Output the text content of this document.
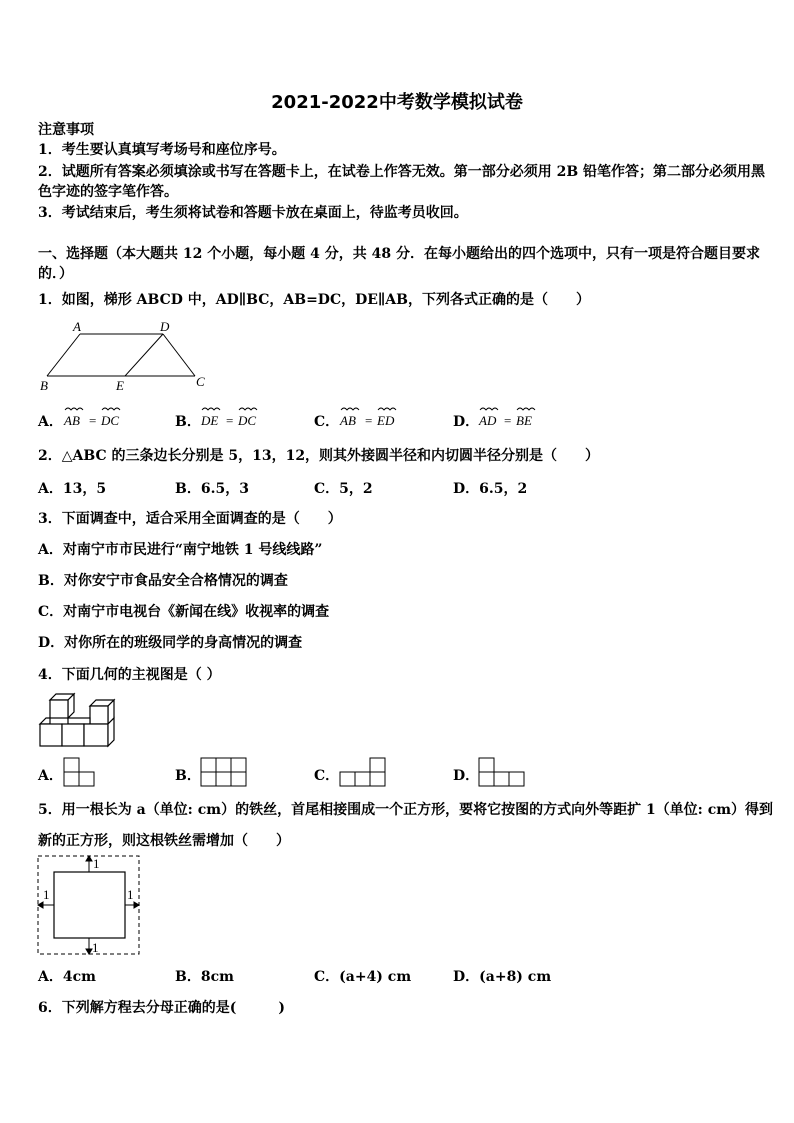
2021-2022中考数学模拟试卷
注意事项
1．考生要认真填写考场号和座位序号。
2．试题所有答案必须填涂或书写在答题卡上，在试卷上作答无效。第一部分必须用 2B 铅笔作答；第二部分必须用黑
色字迹的签字笔作答。
3．考试结束后，考生须将试卷和答题卡放在桌面上，待监考员收回。
一、选择题（本大题共 12 个小题，每小题 4 分，共 48 分．在每小题给出的四个选项中，只有一项是符合题目要求
的．）
1．如图，梯形 ABCD 中，AD∥BC，AB=DC，DE∥AB，下列各式正确的是（　　）
A	D
B	E	C
A． AB = DC	B． DE = DC	C． AB = ED	D． AD = BE
2．△ABC 的三条边长分别是 5，13，12，则其外接圆半径和内切圆半径分别是（　　）
A．13，5	B．6.5，3	C．5，2	D．6.5，2
3．下面调查中，适合采用全面调查的是（　　）
A．对南宁市市民进行“南宁地铁 1 号线线路”
B．对你安宁市食品安全合格情况的调查
C．对南宁市电视台《新闻在线》收视率的调查
D．对你所在的班级同学的身高情况的调查
4．下面几何的主视图是（ ）
A．	B．	C．	D．
5．用一根长为 a（单位: cm）的铁丝，首尾相接围成一个正方形，要将它按图的方式向外等距扩 1（单位: cm）得到
新的正方形，则这根铁丝需增加（　　）
1
1	1
1
A．4cm	B．8cm	C．(a+4) cm	D．(a+8) cm
6．下列解方程去分母正确的是(　　　)
